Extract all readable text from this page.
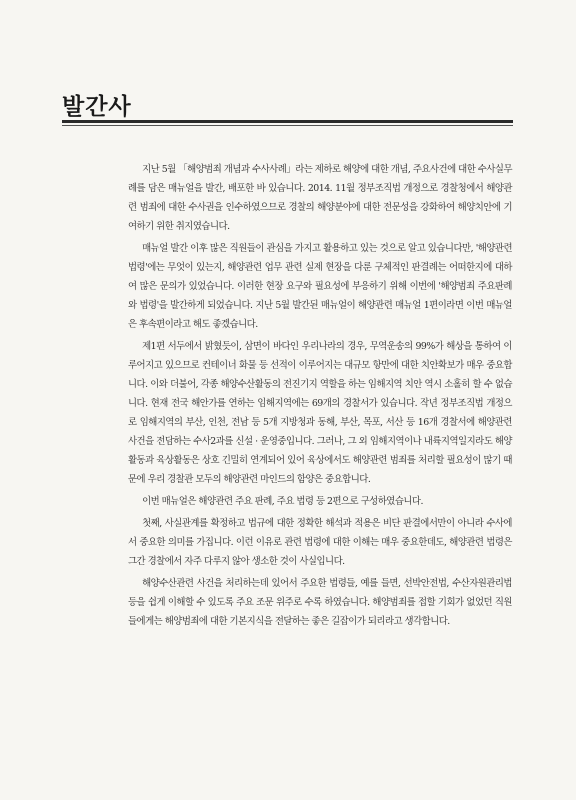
발간사

지난 5월 「해양범죄 개념과 수사사례」라는 제하로 해양에 대한 개념, 주요사건에 대한 수사실무례를 담은 매뉴얼을 발간, 배포한 바 있습니다. 2014. 11월 정부조직법 개정으로 경찰청에서 해양관련 범죄에 대한 수사권을 인수하였으므로 경찰의 해양분야에 대한 전문성을 강화하여 해양치안에 기여하기 위한 취지였습니다.

매뉴얼 발간 이후 많은 직원들이 관심을 가지고 활용하고 있는 것으로 알고 있습니다만, '해양관련 법령'에는 무엇이 있는지, 해양관련 업무 관련 실제 현장을 다룬 구체적인 판결례는 어떠한지에 대하여 많은 문의가 있었습니다. 이러한 현장 요구와 필요성에 부응하기 위해 이번에 '해양범죄 주요판례와 법령'을 발간하게 되었습니다. 지난 5월 발간된 매뉴얼이 해양관련 매뉴얼 1편이라면 이번 매뉴얼은 후속편이라고 해도 좋겠습니다.

제1편 서두에서 밝혔듯이, 삼면이 바다인 우리나라의 경우, 무역운송의 99%가 해상을 통하여 이루어지고 있으므로 컨테이너 화물 등 선적이 이루어지는 대규모 항만에 대한 치안확보가 매우 중요합니다. 이와 더불어, 각종 해양수산활동의 전진기지 역할을 하는 임해지역 치안 역시 소홀히 할 수 없습니다. 현재 전국 해안가를 연하는 임해지역에는 69개의 경찰서가 있습니다. 작년 정부조직법 개정으로 임해지역의 부산, 인천, 전남 등 5개 지방청과 동해, 부산, 목포, 서산 등 16개 경찰서에 해양관련 사건을 전담하는 수사2과를 신설 · 운영중입니다. 그러나, 그 외 임해지역이나 내륙지역일지라도 해양활동과 육상활동은 상호 긴밀히 연계되어 있어 육상에서도 해양관련 범죄를 처리할 필요성이 많기 때문에 우리 경찰관 모두의 해양관련 마인드의 함양은 중요합니다.

이번 매뉴얼은 해양관련 주요 판례, 주요 법령 등 2편으로 구성하였습니다.

첫째, 사실관계를 확정하고 법규에 대한 정확한 해석과 적용은 비단 판결에서만이 아니라 수사에서 중요한 의미를 가집니다. 이런 이유로 관련 법령에 대한 이해는 매우 중요한데도, 해양관련 법령은 그간 경찰에서 자주 다루지 않아 생소한 것이 사실입니다.

해양수산관련 사건을 처리하는데 있어서 주요한 법령들, 예를 들면, 선박안전법, 수산자원관리법 등을 쉽게 이해할 수 있도록 주요 조문 위주로 수록 하였습니다. 해양범죄를 접할 기회가 없었던 직원들에게는 해양범죄에 대한 기본지식을 전달하는 좋은 길잡이가 되리라고 생각합니다.
